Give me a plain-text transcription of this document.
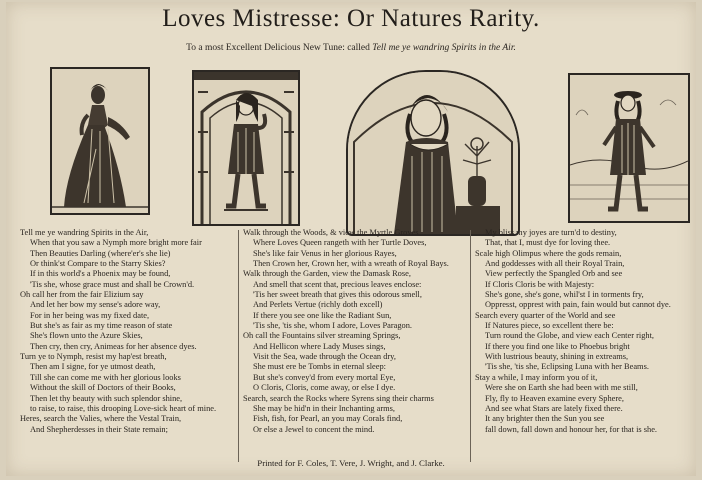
Loves Mistresse: Or Natures Rarity.
To a most Excellent Delicious New Tune: called Tell me ye wandring Spirits in the Air.

Tell me ye wandring Spirits in the Air,

When that you saw a Nymph more bright more fair

Then Beauties Darling (where'er's she lie)

Or think'st Compare to the Starry Skies?

If in this world's a Phoenix may be found,

'Tis she, whose grace must and shall be Crown'd.

Oh call her from the fair Elizium say

And let her bow my sense's adore way,

For in her being was my fixed date,

But she's as fair as my time reason of state

She's flown unto the Azure Skies,

Then cry, then cry, Animeas for her absence dyes.

Turn ye to Nymph, resist my hap'est breath,

Then am I signe, for ye utmost death,

Till she can come me with her glorious looks

Without the skill of Doctors of their Books,

Then let thy beauty with such splendor shine,

to raise, to raise, this drooping Love-sick heart of mine.

Heres, search the Valies, where the Vestal Train,

And Shepherdesses in their State remain;

Walk through the Woods, & view the Myrtle Groves

Where Loves Queen rangeth with her Turtle Doves,

She's like fair Venus in her glorious Rayes,

Then Crown her, Crown her, with a wreath of Royal Bays.

Walk through the Garden, view the Damask Rose,

And smell that scent that, precious leaves enclose:

'Tis her sweet breath that gives this odorous smell,

And Perlets Vertue (richly doth excell)

If there you see one like the Radiant Sun,

'Tis she, 'tis she, whom I adore, Loves Paragon.

Oh call the Fountains silver streaming Springs,

And Hellicon where Lady Muses sings,

Visit the Sea, wade through the Ocean dry,

She must ere be Tombs in eternal sleep:

But she's convey'd from every mortal Eye,

O Cloris, Cloris, come away, or else I dye.

Search, search the Rocks where Syrens sing their charms

She may be hid'n in their Inchanting arms,

Fish, fish, for Pearl, an you may Corals find,

Or else a Jewel to concent the mind.

My bliss my joyes are turn'd to destiny,

That, that I, must dye for loving thee.

Scale high Olimpus where the gods remain,

And goddesses with all their Royal Train,

View perfectly the Spangled Orb and see

If Cloris Cloris be with Majesty:

She's gone, she's gone, whil'st I in torments fry,

Oppresst, opprest with pain, fain would but cannot dye.

Search every quarter of the World and see

If Natures piece, so excellent there be:

Turn round the Globe, and view each Center right,

If there you find one like to Phoebus bright

With lustrious beauty, shining in extreams,

'Tis she, 'tis she, Eclipsing Luna with her Beams.

Stay a while, I may inform you of it,

Were she on Earth she had been with me still,

Fly, fly to Heaven examine every Sphere,

And see what Stars are lately fixed there.

It any brighter then the Sun you see

fall down, fall down and honour her, for that is she.

Printed for F. Coles, T. Vere, J. Wright, and J. Clarke.
